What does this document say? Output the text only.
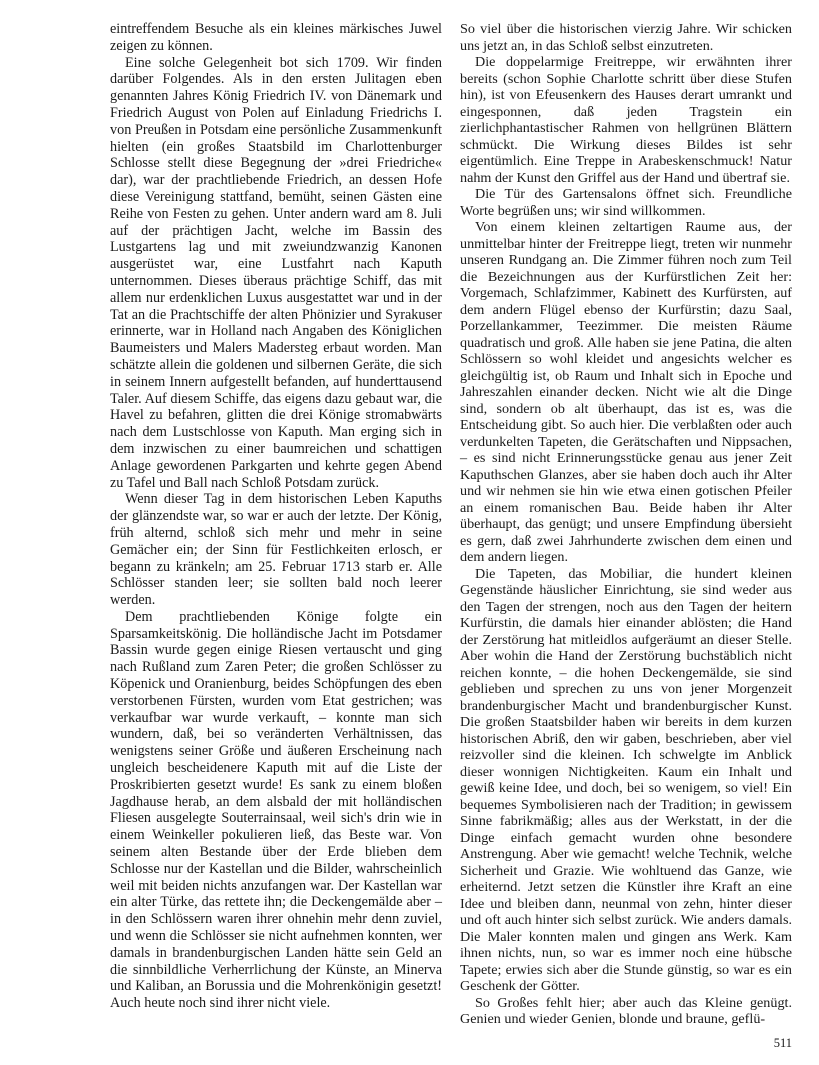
eintreffendem Besuche als ein kleines märkisches Juwel zeigen zu können.

Eine solche Gelegenheit bot sich 1709. Wir finden darüber Folgendes. Als in den ersten Julitagen eben genannten Jahres König Friedrich IV. von Dänemark und Friedrich August von Polen auf Einladung Friedrichs I. von Preußen in Potsdam eine persönliche Zusammenkunft hielten (ein großes Staatsbild im Charlottenburger Schlosse stellt diese Begegnung der »drei Friedriche« dar), war der prachtliebende Friedrich, an dessen Hofe diese Vereinigung stattfand, bemüht, seinen Gästen eine Reihe von Festen zu gehen. Unter andern ward am 8. Juli auf der prächtigen Jacht, welche im Bassin des Lustgartens lag und mit zweiundzwanzig Kanonen ausgerüstet war, eine Lustfahrt nach Kaputh unternommen. Dieses überaus prächtige Schiff, das mit allem nur erdenklichen Luxus ausgestattet war und in der Tat an die Prachtschiffe der alten Phönizier und Syrakuser erinnerte, war in Holland nach Angaben des Königlichen Baumeisters und Malers Madersteg erbaut worden. Man schätzte allein die goldenen und silbernen Geräte, die sich in seinem Innern aufgestellt befanden, auf hunderttausend Taler. Auf diesem Schiffe, das eigens dazu gebaut war, die Havel zu befahren, glitten die drei Könige stromabwärts nach dem Lustschlosse von Kaputh. Man erging sich in dem inzwischen zu einer baumreichen und schattigen Anlage gewordenen Parkgarten und kehrte gegen Abend zu Tafel und Ball nach Schloß Potsdam zurück.

Wenn dieser Tag in dem historischen Leben Kapuths der glänzendste war, so war er auch der letzte. Der König, früh alternd, schloß sich mehr und mehr in seine Gemächer ein; der Sinn für Festlichkeiten erlosch, er begann zu kränkeln; am 25. Februar 1713 starb er. Alle Schlösser standen leer; sie sollten bald noch leerer werden.

Dem prachtliebenden Könige folgte ein Sparsamkeitskönig. Die holländische Jacht im Potsdamer Bassin wurde gegen einige Riesen vertauscht und ging nach Rußland zum Zaren Peter; die großen Schlösser zu Köpenick und Oranienburg, beides Schöpfungen des eben verstorbenen Fürsten, wurden vom Etat gestrichen; was verkaufbar war wurde verkauft, – konnte man sich wundern, daß, bei so veränderten Verhältnissen, das wenigstens seiner Größe und äußeren Erscheinung nach ungleich bescheidenere Kaputh mit auf die Liste der Proskribierten gesetzt wurde! Es sank zu einem bloßen Jagdhause herab, an dem alsbald der mit holländischen Fliesen ausgelegte Souterrainsaal, weil sich's drin wie in einem Weinkeller pokulieren ließ, das Beste war. Von seinem alten Bestande über der Erde blieben dem Schlosse nur der Kastellan und die Bilder, wahrscheinlich weil mit beiden nichts anzufangen war. Der Kastellan war ein alter Türke, das rettete ihn; die Deckengemälde aber – in den Schlössern waren ihrer ohnehin mehr denn zuviel, und wenn die Schlösser sie nicht aufnehmen konnten, wer damals in brandenburgischen Landen hätte sein Geld an die sinnbildliche Verherrlichung der Künste, an Minerva und Kaliban, an Borussia und die Mohrenkönigin gesetzt! Auch heute noch sind ihrer nicht viele.

So viel über die historischen vierzig Jahre. Wir schicken uns jetzt an, in das Schloß selbst einzutreten.

Die doppelarmige Freitreppe, wir erwähnten ihrer bereits (schon Sophie Charlotte schritt über diese Stufen hin), ist von Efeusenkern des Hauses derart umrankt und eingesponnen, daß jeden Tragstein ein zierlichphantastischer Rahmen von hellgrünen Blättern schmückt. Die Wirkung dieses Bildes ist sehr eigentümlich. Eine Treppe in Arabeskenschmuck! Natur nahm der Kunst den Griffel aus der Hand und übertraf sie.

Die Tür des Gartensalons öffnet sich. Freundliche Worte begrüßen uns; wir sind willkommen.

Von einem kleinen zeltartigen Raume aus, der unmittelbar hinter der Freitreppe liegt, treten wir nunmehr unseren Rundgang an. Die Zimmer führen noch zum Teil die Bezeichnungen aus der Kurfürstlichen Zeit her: Vorgemach, Schlafzimmer, Kabinett des Kurfürsten, auf dem andern Flügel ebenso der Kurfürstin; dazu Saal, Porzellankammer, Teezimmer. Die meisten Räume quadratisch und groß. Alle haben sie jene Patina, die alten Schlössern so wohl kleidet und angesichts welcher es gleichgültig ist, ob Raum und Inhalt sich in Epoche und Jahreszahlen einander decken. Nicht wie alt die Dinge sind, sondern ob alt überhaupt, das ist es, was die Entscheidung gibt. So auch hier. Die verblaßten oder auch verdunkelten Tapeten, die Gerätschaften und Nippsachen, – es sind nicht Erinnerungsstücke genau aus jener Zeit Kaputhschen Glanzes, aber sie haben doch auch ihr Alter und wir nehmen sie hin wie etwa einen gotischen Pfeiler an einem romanischen Bau. Beide haben ihr Alter überhaupt, das genügt; und unsere Empfindung übersieht es gern, daß zwei Jahrhunderte zwischen dem einen und dem andern liegen.

Die Tapeten, das Mobiliar, die hundert kleinen Gegenstände häuslicher Einrichtung, sie sind weder aus den Tagen der strengen, noch aus den Tagen der heitern Kurfürstin, die damals hier einander ablösten; die Hand der Zerstörung hat mitleidlos aufgeräumt an dieser Stelle. Aber wohin die Hand der Zerstörung buchstäblich nicht reichen konnte, – die hohen Deckengemälde, sie sind geblieben und sprechen zu uns von jener Morgenzeit brandenburgischer Macht und brandenburgischer Kunst. Die großen Staatsbilder haben wir bereits in dem kurzen historischen Abriß, den wir gaben, beschrieben, aber viel reizvoller sind die kleinen. Ich schwelgte im Anblick dieser wonnigen Nichtigkeiten. Kaum ein Inhalt und gewiß keine Idee, und doch, bei so wenigem, so viel! Ein bequemes Symbolisieren nach der Tradition; in gewissem Sinne fabrikmäßig; alles aus der Werkstatt, in der die Dinge einfach gemacht wurden ohne besondere Anstrengung. Aber wie gemacht! welche Technik, welche Sicherheit und Grazie. Wie wohltuend das Ganze, wie erheiternd. Jetzt setzen die Künstler ihre Kraft an eine Idee und bleiben dann, neunmal von zehn, hinter dieser und oft auch hinter sich selbst zurück. Wie anders damals. Die Maler konnten malen und gingen ans Werk. Kam ihnen nichts, nun, so war es immer noch eine hübsche Tapete; erwies sich aber die Stunde günstig, so war es ein Geschenk der Götter.

So Großes fehlt hier; aber auch das Kleine genügt. Genien und wieder Genien, blonde und braune, geflü-

511
